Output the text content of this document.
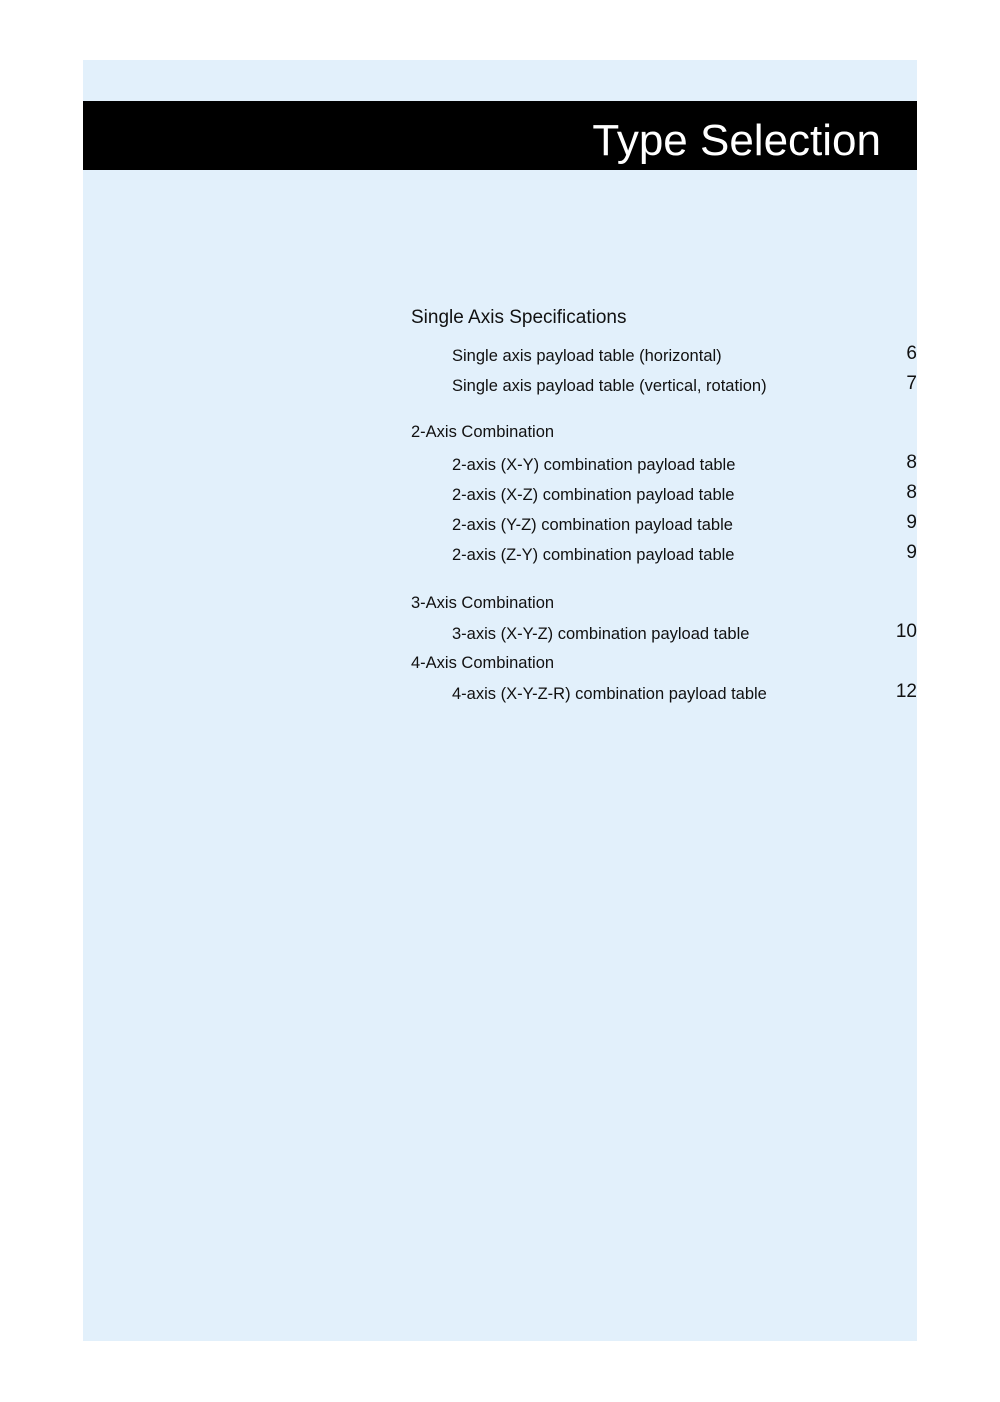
Type Selection
Single Axis Specifications
Single axis payload table (horizontal)	6
Single axis payload table (vertical, rotation)	7
2-Axis Combination
2-axis (X-Y) combination payload table	8
2-axis (X-Z) combination payload table	8
2-axis (Y-Z) combination payload table	9
2-axis (Z-Y) combination payload table	9
3-Axis Combination
3-axis (X-Y-Z) combination payload table	10
4-Axis Combination
4-axis (X-Y-Z-R) combination payload table	12
